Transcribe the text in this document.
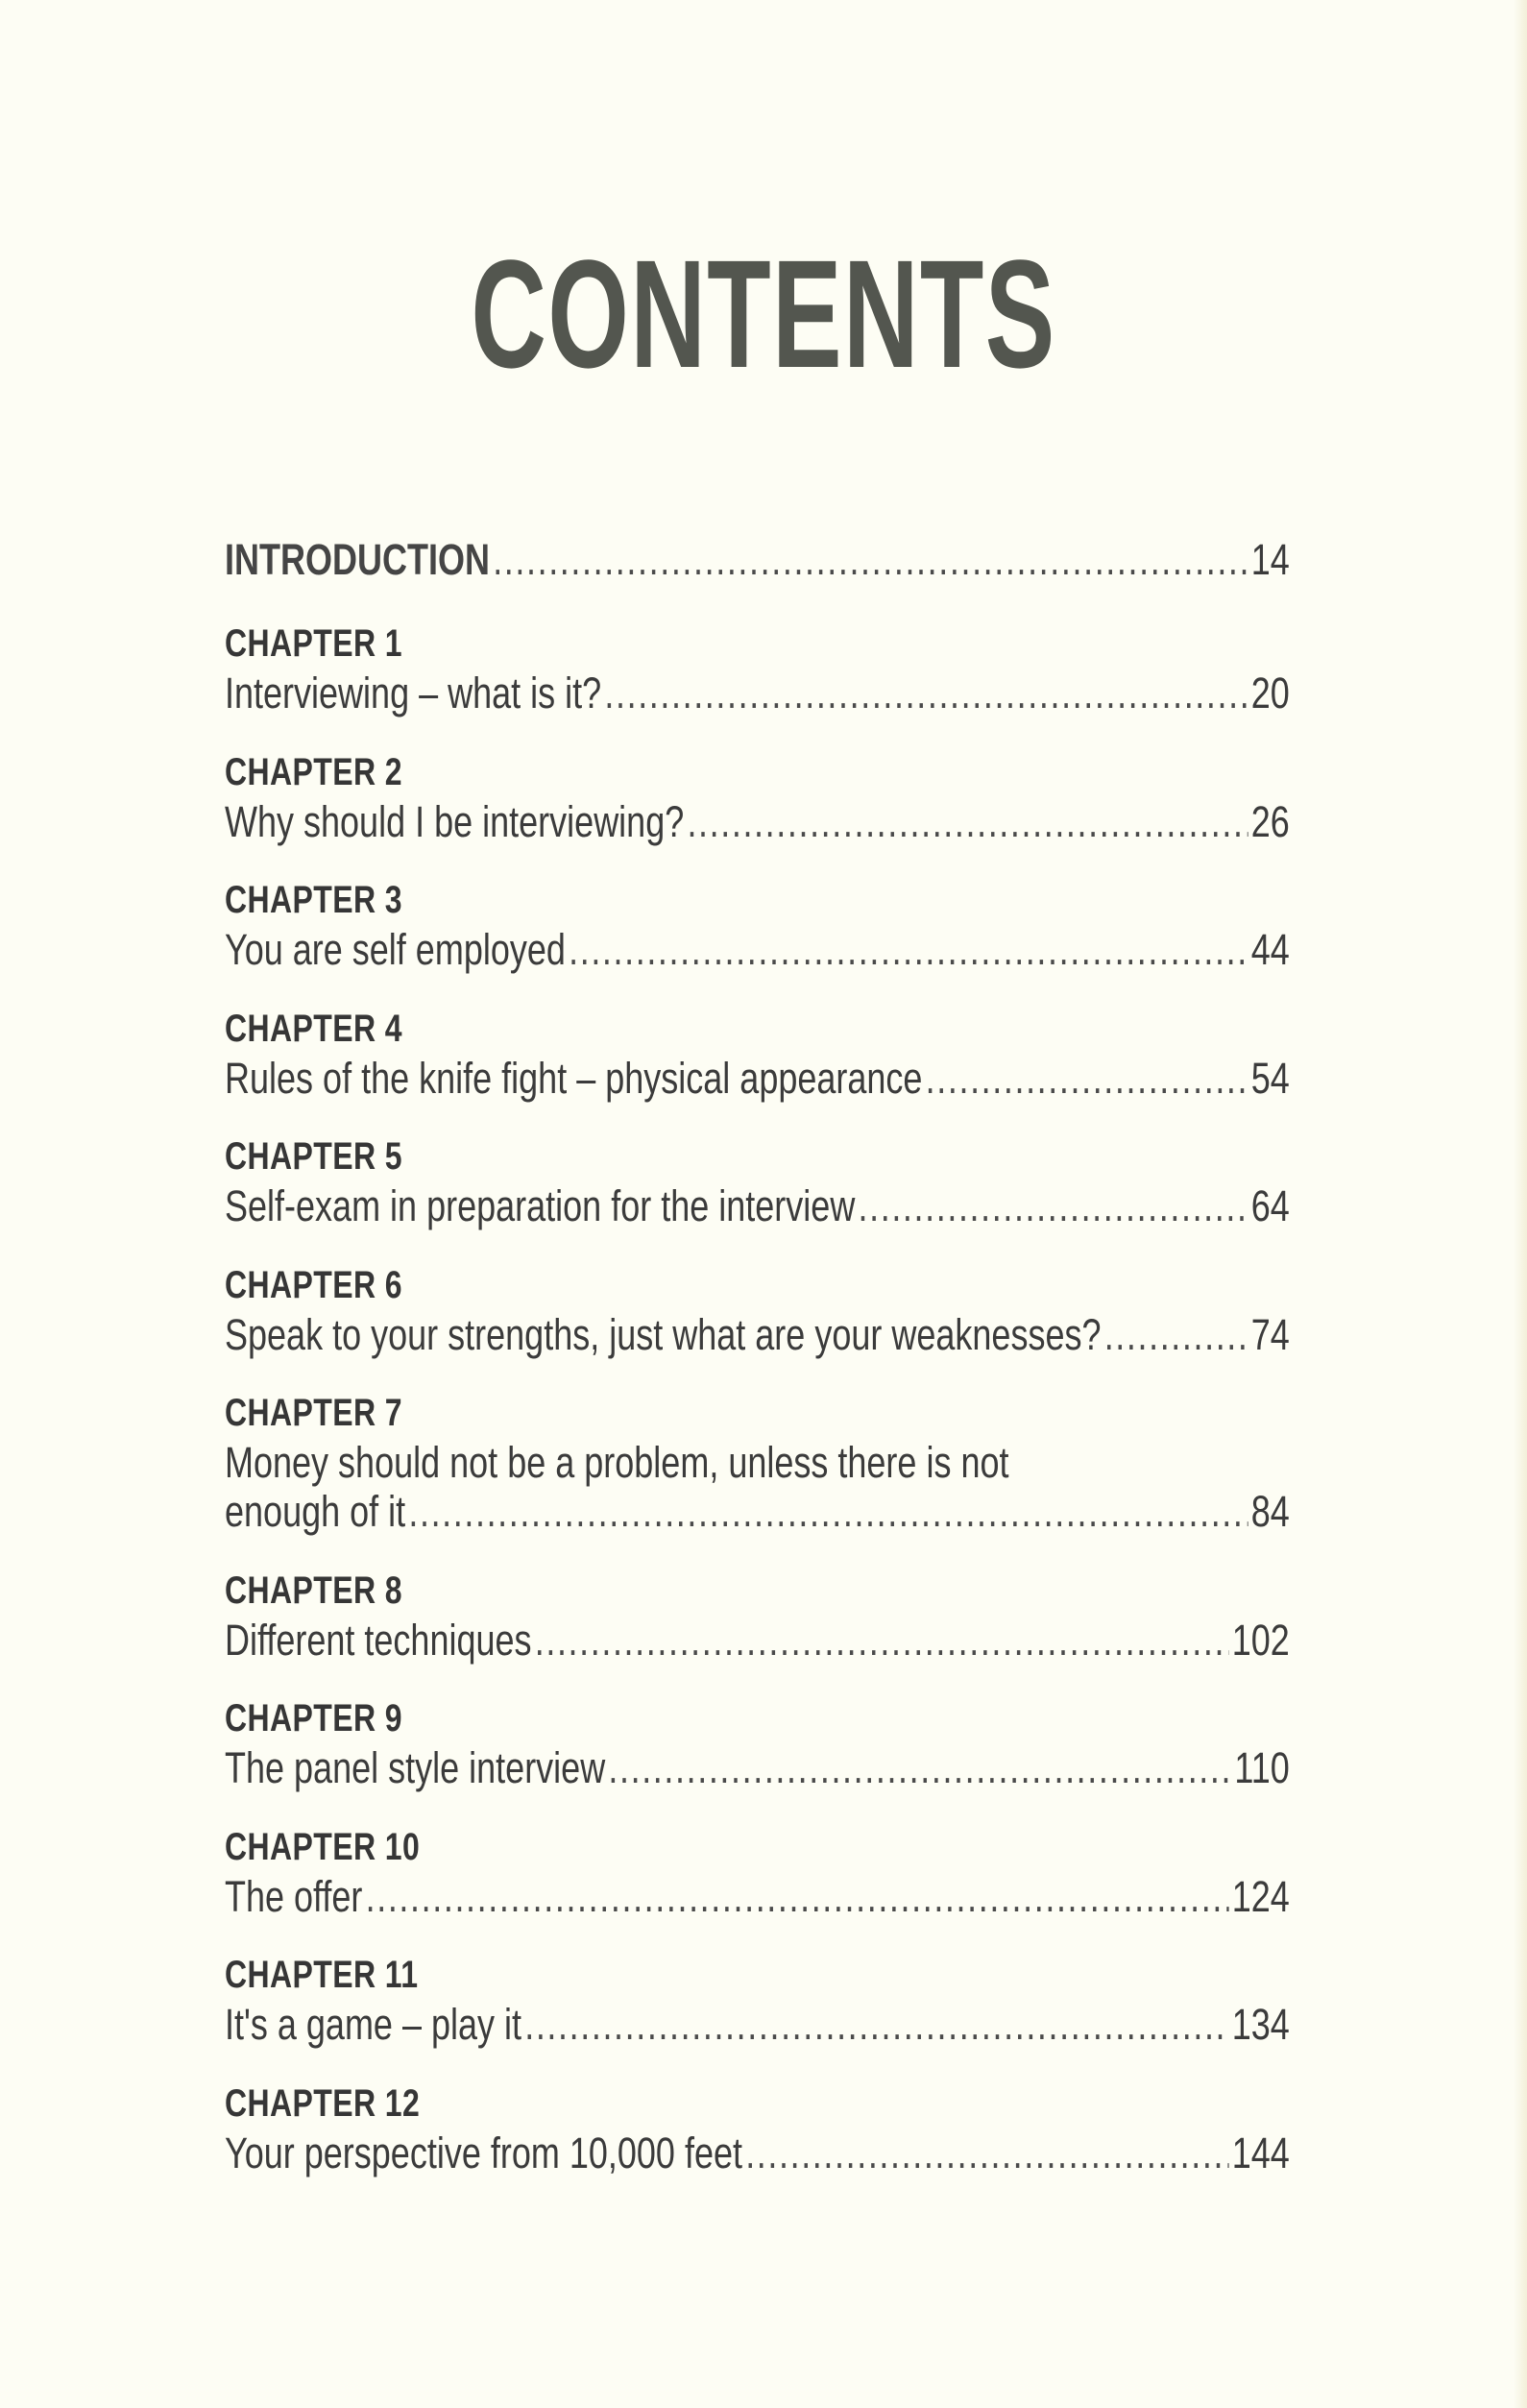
CONTENTS
INTRODUCTION .....	14
CHAPTER 1
Interviewing – what is it? .....	20
CHAPTER 2
Why should I be interviewing? .....	26
CHAPTER 3
You are self employed .....	44
CHAPTER 4
Rules of the knife fight – physical appearance .....	54
CHAPTER 5
Self-exam in preparation for the interview .....	64
CHAPTER 6
Speak to your strengths, just what are your weaknesses? .....	74
CHAPTER 7
Money should not be a problem, unless there is not
enough of it .....	84
CHAPTER 8
Different techniques .....	102
CHAPTER 9
The panel style interview .....	110
CHAPTER 10
The offer .....	124
CHAPTER 11
It's a game – play it .....	134
CHAPTER 12
Your perspective from 10,000 feet .....	144
